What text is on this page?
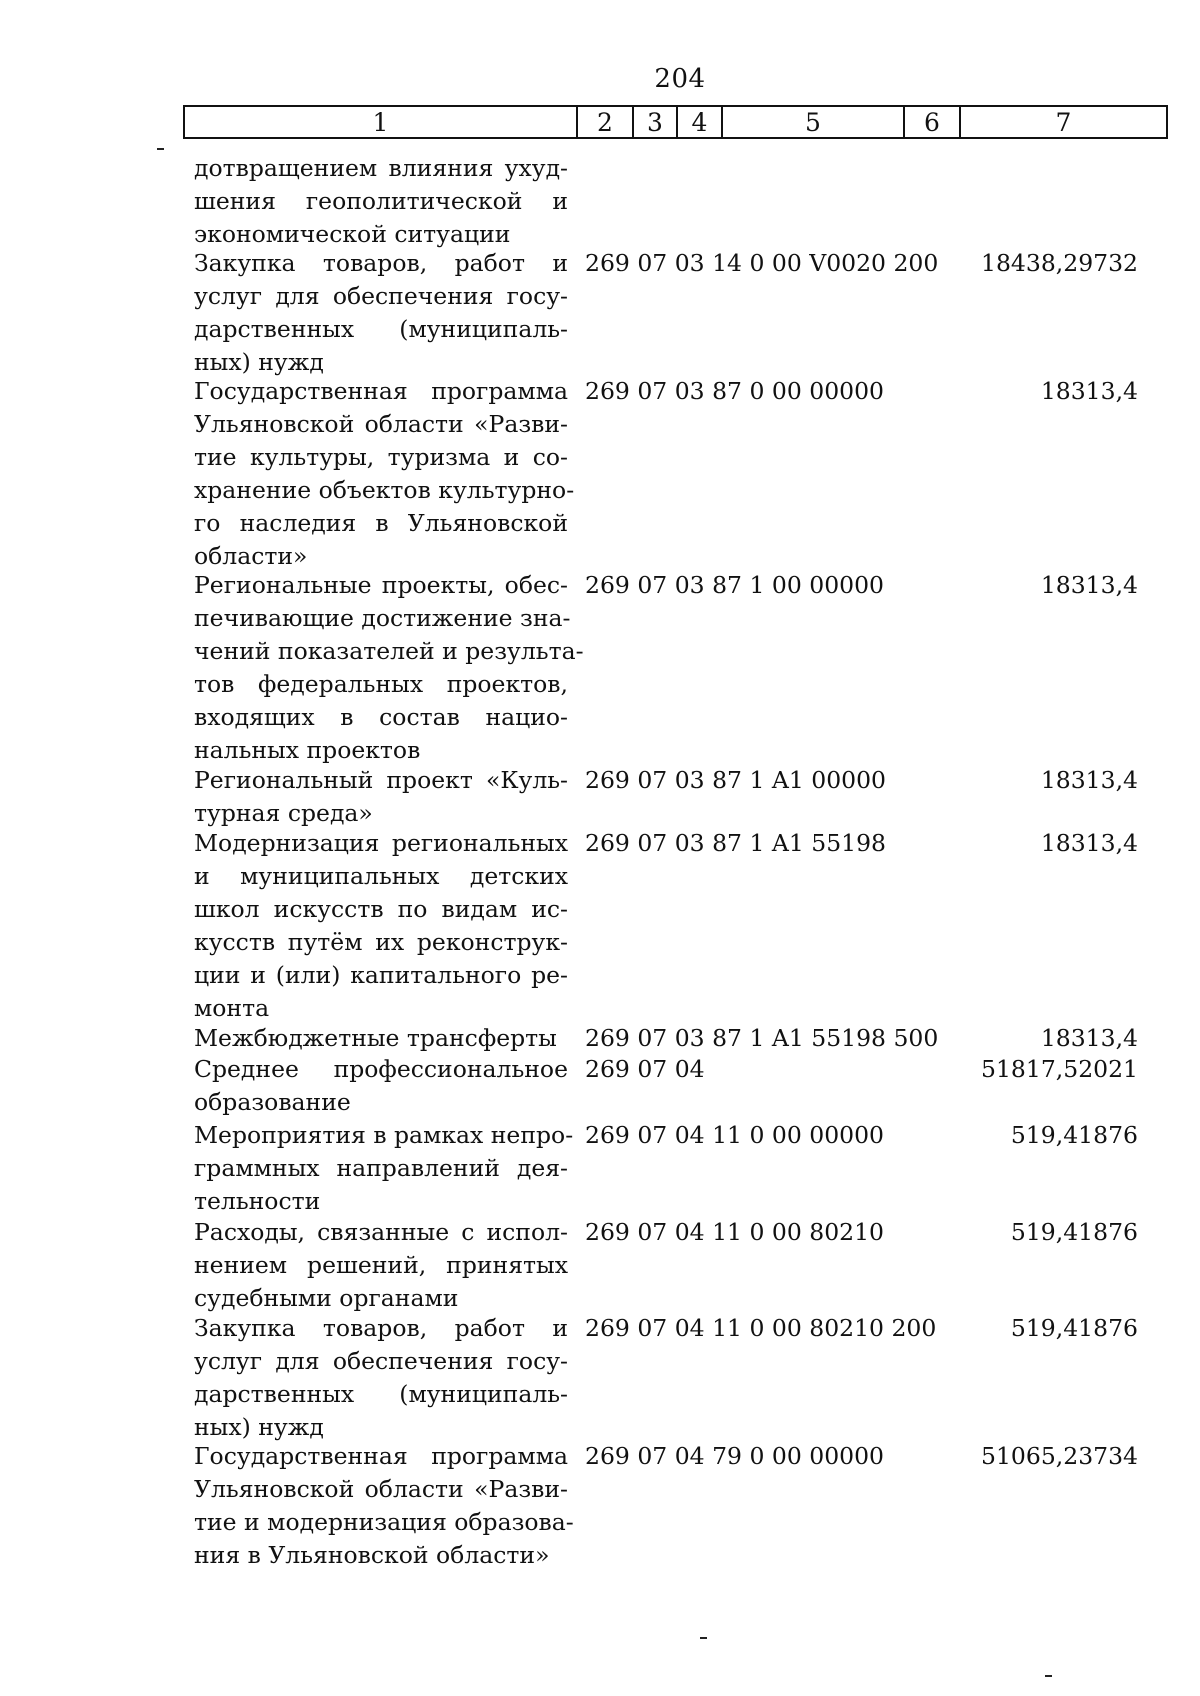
204
1	2	3	4	5	6	7
дотвращением влияния ухуд-
шения геополитической и
экономической ситуации
Закупка товаров, работ и
услуг для обеспечения госу-
дарственных (муниципаль-
ных) нужд
269 07 03 14 0 00 V0020 200 18438,29732
Государственная программа
Ульяновской области «Разви-
тие культуры, туризма и со-
хранение объектов культурно-
го наследия в Ульяновской
области»
269 07 03 87 0 00 00000	18313,4
Региональные проекты, обес-
печивающие достижение зна-
чений показателей и результа-
тов федеральных проектов,
входящих в состав нацио-
нальных проектов
269 07 03 87 1 00 00000	18313,4
Региональный проект «Куль-
турная среда»
269 07 03 87 1 A1 00000	18313,4
Модернизация региональных
и муниципальных детских
школ искусств по видам ис-
кусств путём их реконструк-
ции и (или) капитального ре-
монта
269 07 03 87 1 A1 55198	18313,4
Межбюджетные трансферты	269 07 03 87 1 A1 55198 500	18313,4
Среднее профессиональное
образование
269 07 04	51817,52021
Мероприятия в рамках непро-
граммных направлений дея-
тельности
269 07 04 11 0 00 00000	519,41876
Расходы, связанные с испол-
нением решений, принятых
судебными органами
269 07 04 11 0 00 80210	519,41876
Закупка товаров, работ и
услуг для обеспечения госу-
дарственных (муниципаль-
ных) нужд
269 07 04 11 0 00 80210 200	519,41876
Государственная программа
Ульяновской области «Разви-
тие и модернизация образова-
ния в Ульяновской области»
269 07 04 79 0 00 00000	51065,23734
